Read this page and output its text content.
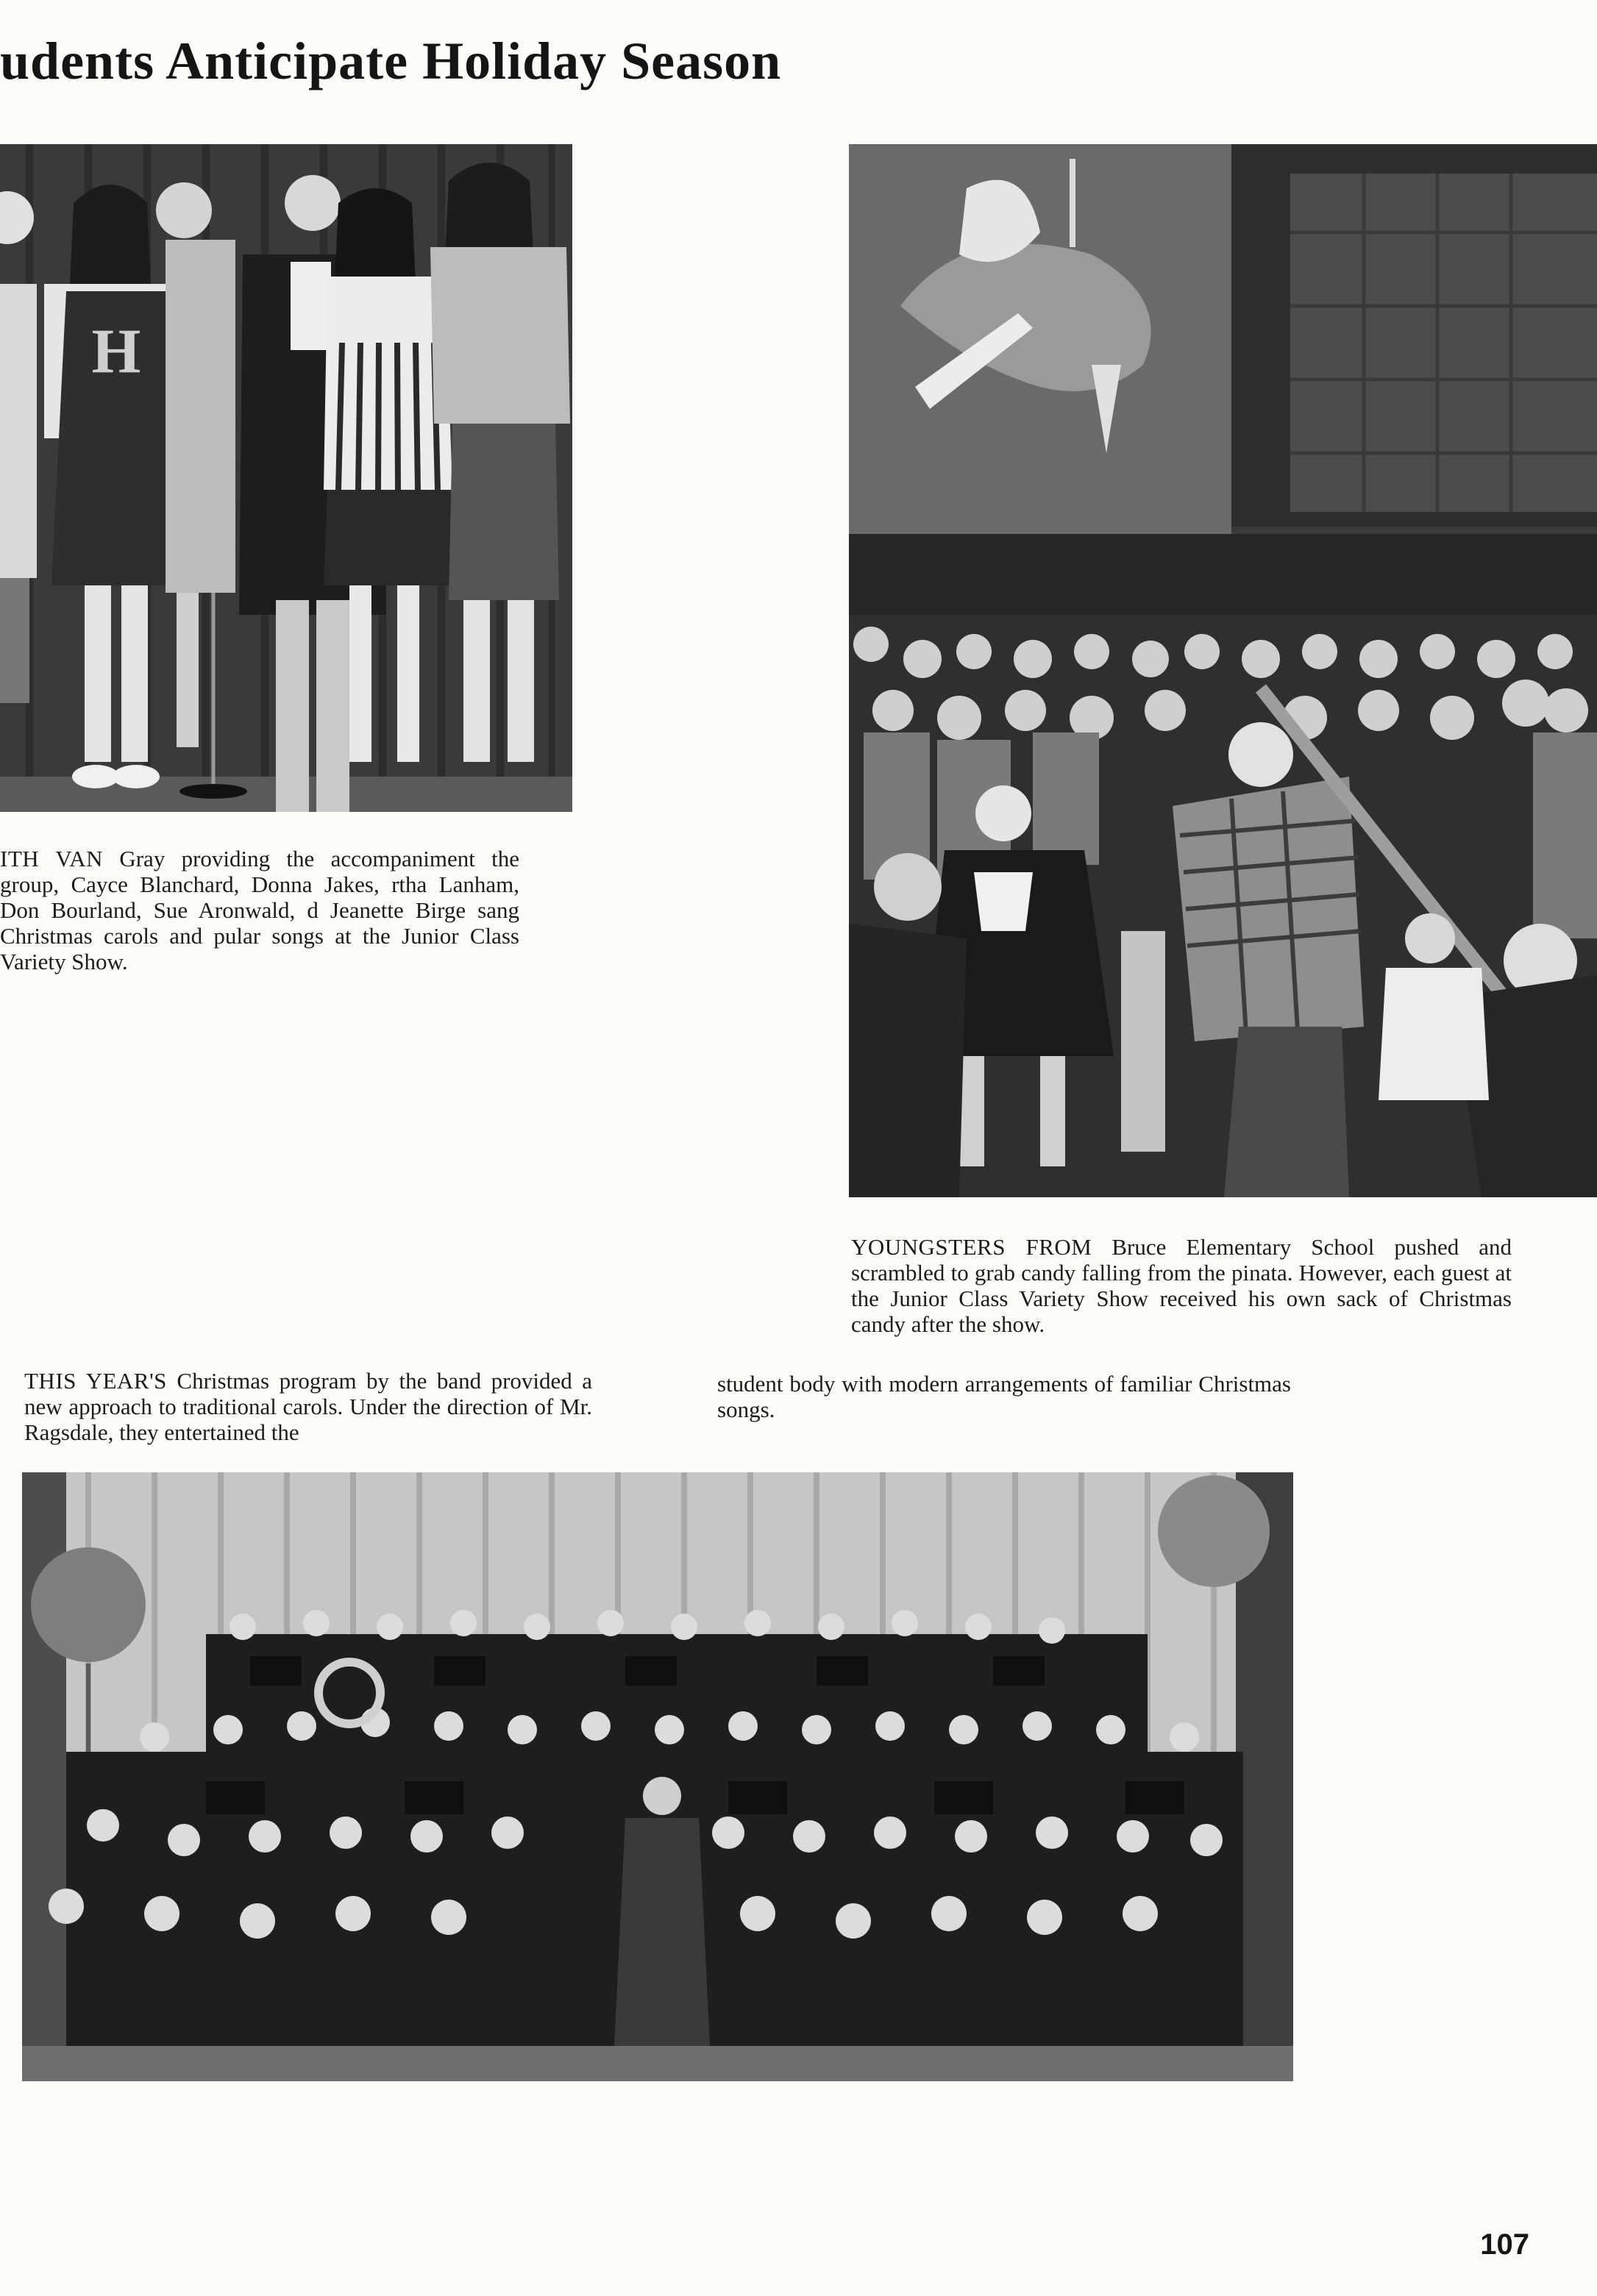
udents Anticipate Holiday Season
H
ITH VAN Gray providing the accompaniment the group, Cayce Blanchard, Donna Jakes, rtha Lanham, Don Bourland, Sue Aronwald, d Jeanette Birge sang Christmas carols and pular songs at the Junior Class Variety Show.
YOUNGSTERS FROM Bruce Elementary School pushed and scrambled to grab candy falling from the pinata. However, each guest at the Junior Class Variety Show received his own sack of Christmas candy after the show.
THIS YEAR'S Christmas program by the band provided a new approach to traditional carols. Under the direction of Mr. Ragsdale, they entertained the
student body with modern arrangements of familiar Christmas songs.
107
